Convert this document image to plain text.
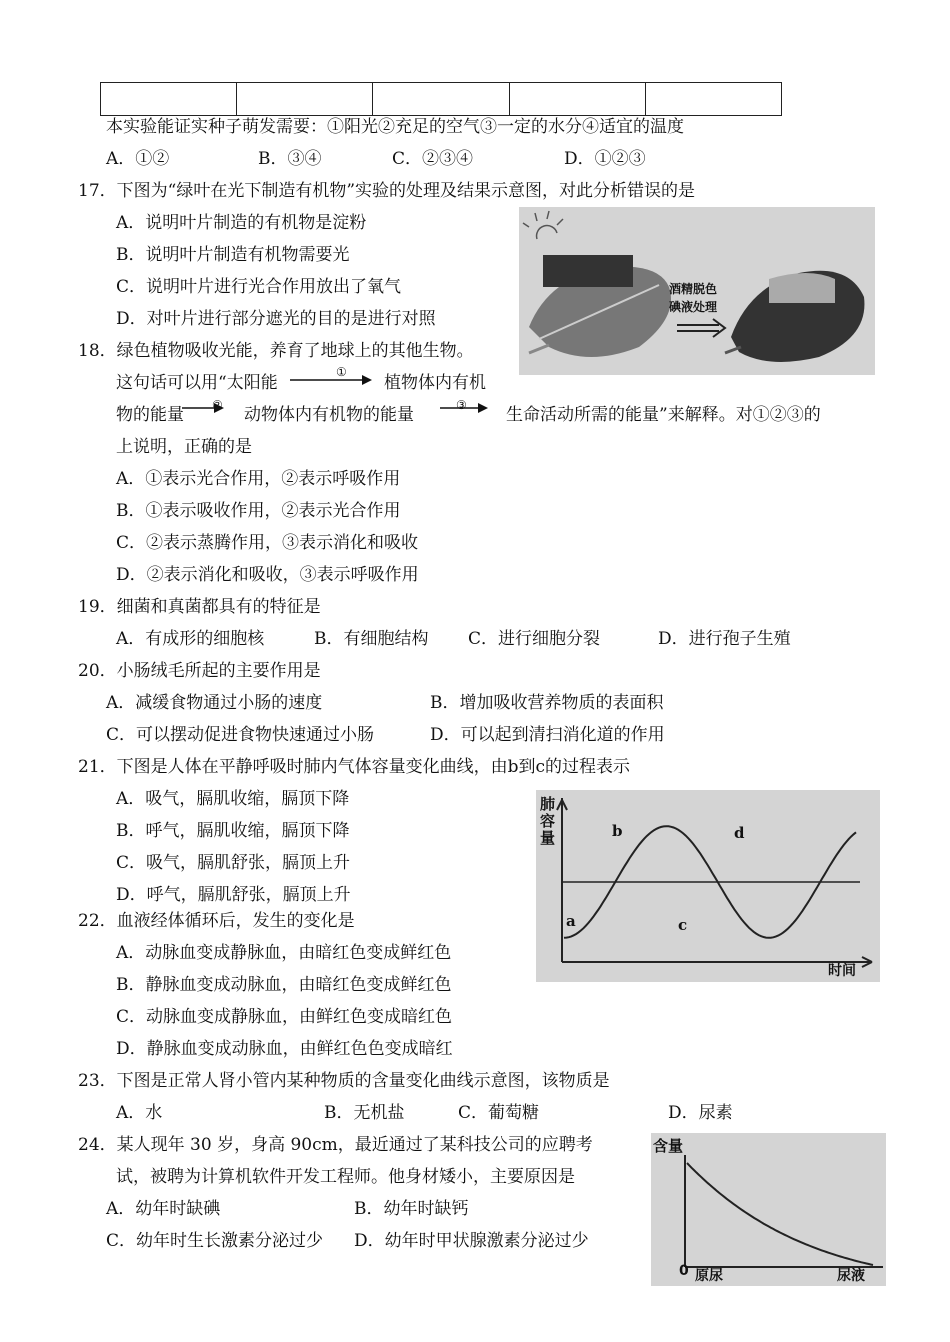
本实验能证实种子萌发需要：①阳光②充足的空气③一定的水分④适宜的温度
A．①②	B．③④	C．②③④	D．①②③
17．下图为“绿叶在光下制造有机物”实验的处理及结果示意图，对此分析错误的是
A．说明叶片制造的有机物是淀粉
B．说明叶片制造有机物需要光
C．说明叶片进行光合作用放出了氧气
D．对叶片进行部分遮光的目的是进行对照
酒精脱色
碘液处理
18．绿色植物吸收光能，养育了地球上的其他生物。
这句话可以用“太阳能
①
植物体内有机
物的能量 ② 动物体内有机物的能量	③ 生命活动所需的能量”来解释。对①②③的
上说明，正确的是
A．①表示光合作用，②表示呼吸作用
B．①表示吸收作用，②表示光合作用
C．②表示蒸腾作用，③表示消化和吸收
D．②表示消化和吸收，③表示呼吸作用
19．细菌和真菌都具有的特征是
A．有成形的细胞核	B．有细胞结构 C．进行细胞分裂	D．进行孢子生殖
20．小肠绒毛所起的主要作用是
A．减缓食物通过小肠的速度	B．增加吸收营养物质的表面积
C．可以摆动促进食物快速通过小肠	D．可以起到清扫消化道的作用
21．下图是人体在平静呼吸时肺内气体容量变化曲线，由b到c的过程表示
A．吸气，膈肌收缩，膈顶下降
B．呼气，膈肌收缩，膈顶下降
C．吸气，膈肌舒张，膈顶上升
D．呼气，膈肌舒张，膈顶上升
肺
容
量
时间
a
b
c
d
22．血液经体循环后，发生的变化是
A．动脉血变成静脉血，由暗红色变成鲜红色
B．静脉血变成动脉血，由暗红色变成鲜红色
C．动脉血变成静脉血，由鲜红色变成暗红色
D．静脉血变成动脉血，由鲜红色色变成暗红
23．下图是正常人肾小管内某种物质的含量变化曲线示意图，该物质是
A．水	B．无机盐	C．葡萄糖	D．尿素
24．某人现年 30 岁，身高 90cm，最近通过了某科技公司的应聘考
试，被聘为计算机软件开发工程师。他身材矮小，主要原因是
A．幼年时缺碘	B．幼年时缺钙
C．幼年时生长激素分泌过少 D．幼年时甲状腺激素分泌过少
含量
0 原尿	尿液
